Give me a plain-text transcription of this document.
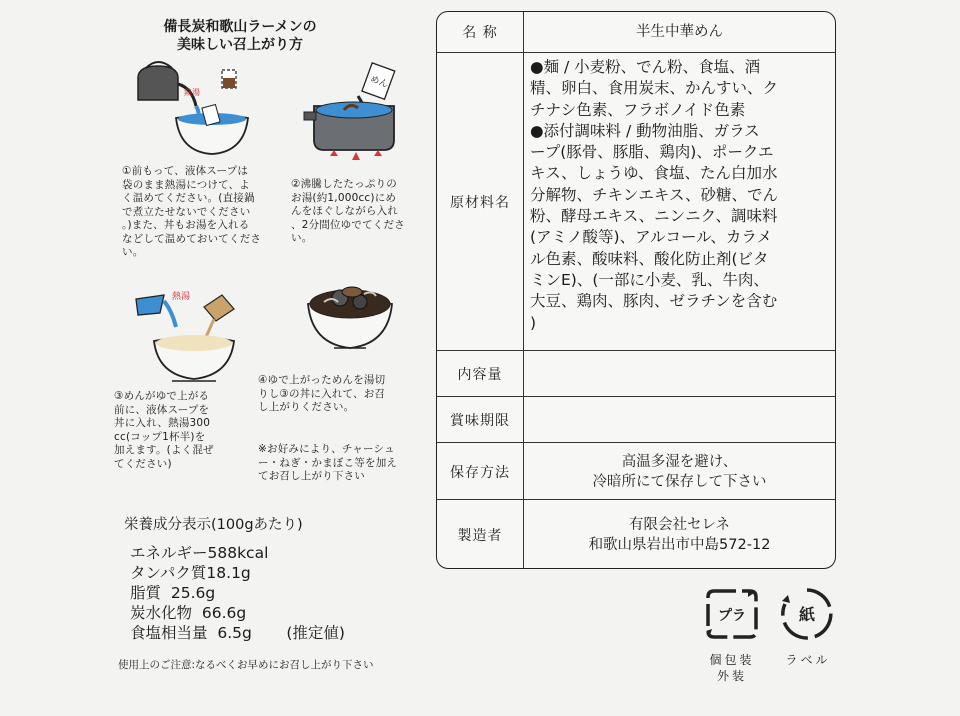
備長炭和歌山ラーメンの
美味しい召上がり方
熱湯
めん
①前もって、液体スープは
袋のまま熱湯につけて、よ
く温めてください。(直接鍋
で煮立たせないでください
。)また、丼もお湯を入れる
などして温めておいてくださ
い。
②沸騰したたっぷりの
お湯(約1,000cc)にめ
んをほぐしながら入れ
、2分間位ゆでてくださ
い。
熱湯
③めんがゆで上がる
前に、液体スープを
丼に入れ、熱湯300
cc(コップ1杯半)を
加えます。(よく混ぜ
てください)
④ゆで上がっためんを湯切
りし③の丼に入れて、お召
し上がりください。
※お好みにより、チャーシュ
ー・ねぎ・かまぼこ等を加え
てお召し上がり下さい
栄養成分表示(100gあたり)
エネルギー588kcal
タンパク質18.1g
脂質  25.6g
炭水化物  66.6g
食塩相当量  6.5g       (推定値)
使用上のご注意:なるべくお早めにお召し上がり下さい
名 称	半生中華めん
原材料名
●麺 / 小麦粉、でん粉、食塩、酒
精、卵白、食用炭末、かんすい、ク
チナシ色素、フラボノイド色素
●添付調味料 / 動物油脂、ガラス
ープ(豚骨、豚脂、鶏肉)、ポークエ
キス、しょうゆ、食塩、たん白加水
分解物、チキンエキス、砂糖、でん
粉、酵母エキス、ニンニク、調味料
(アミノ酸等)、アルコール、カラメ
ル色素、酸味料、酸化防止剤(ビタ
ミンE)、(一部に小麦、乳、牛肉、
大豆、鶏肉、豚肉、ゼラチンを含む
)
内容量
賞味期限
保存方法
高温多湿を避け、
冷暗所にて保存して下さい
製造者
有限会社セレネ
和歌山県岩出市中島572-12
プラ	紙
個包装
外装
ラベル
